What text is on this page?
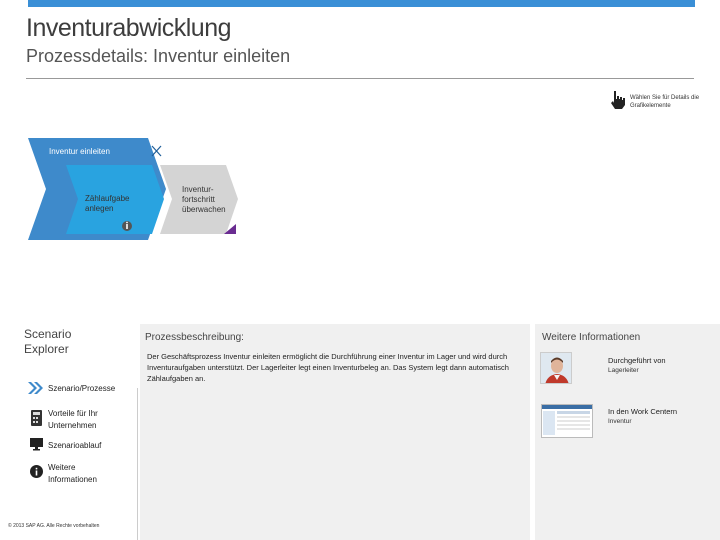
Inventurabwicklung
Prozessdetails: Inventur einleiten
Wählen Sie für Details die Grafikelemente
Inventur einleiten
Zählaufgabe anlegen
Inventur-fortschritt überwachen
Scenario Explorer
Szenario/Prozesse
Vorteile für Ihr Unternehmen
Szenarioablauf
Weitere Informationen
© 2013 SAP AG. Alle Rechte vorbehalten
Prozessbeschreibung:
Der Geschäftsprozess Inventur einleiten ermöglicht die Durchführung einer Inventur im Lager und wird durch Inventuraufgaben unterstützt. Der Lagerleiter legt einen Inventurbeleg an. Das System legt dann automatisch Zählaufgaben an.
Weitere Informationen
Durchgeführt von
Lagerleiter
In den Work Centern
Inventur
